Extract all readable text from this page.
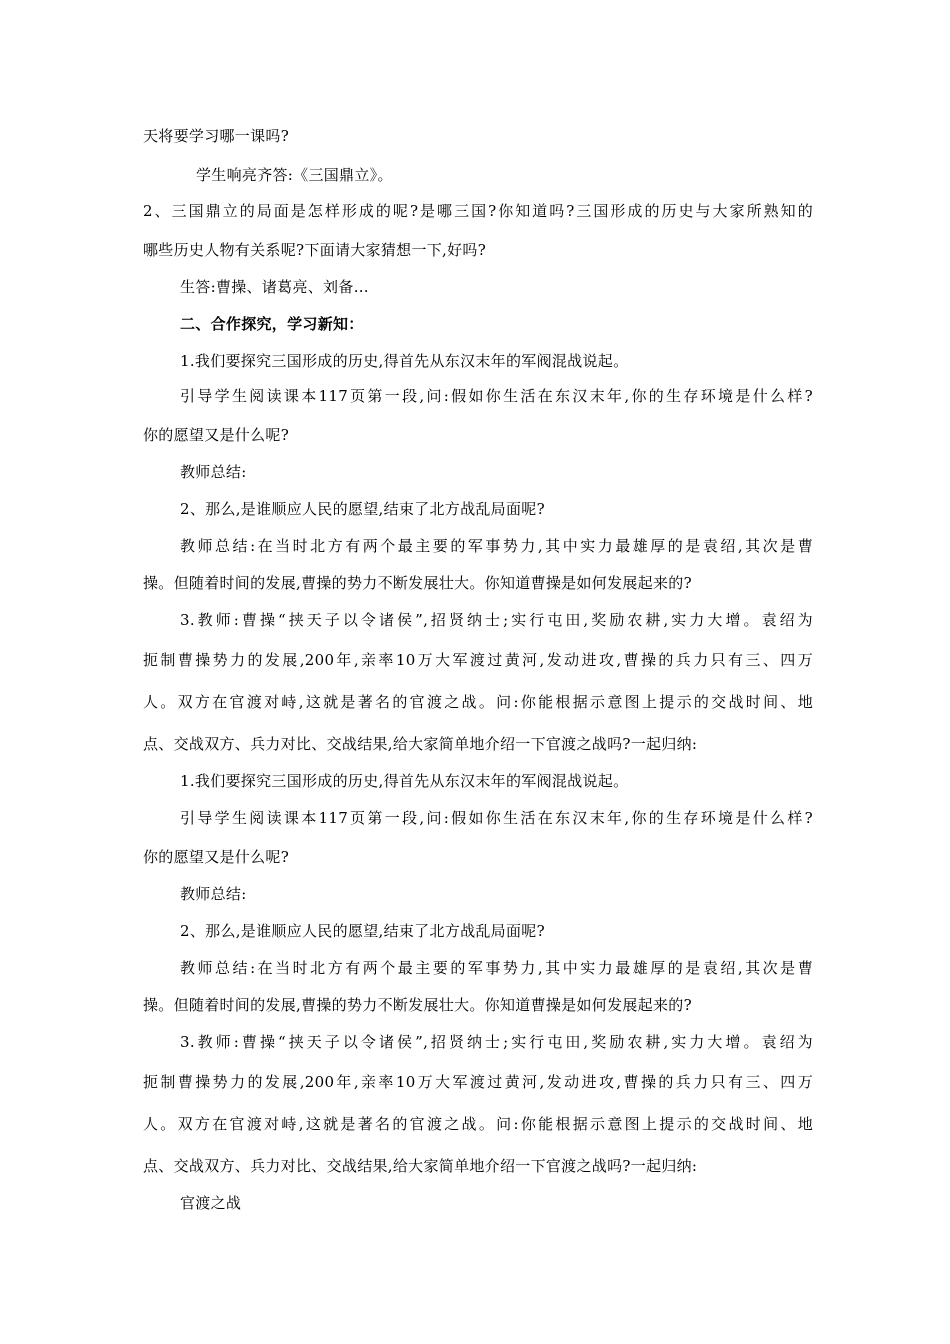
天将要学习哪一课吗?
学生响亮齐答:《三国鼎立》。
2、三国鼎立的局面是怎样形成的呢?是哪三国?你知道吗?三国形成的历史与大家所熟知的
哪些历史人物有关系呢?下面请大家猜想一下,好吗?
生答:曹操、诸葛亮、刘备…
二、合作探究，学习新知：
1.我们要探究三国形成的历史,得首先从东汉末年的军阀混战说起。
引导学生阅读课本117页第一段,问:假如你生活在东汉末年,你的生存环境是什么样?
你的愿望又是什么呢?
教师总结:
2、那么,是谁顺应人民的愿望,结束了北方战乱局面呢?
教师总结:在当时北方有两个最主要的军事势力,其中实力最雄厚的是袁绍,其次是曹
操。但随着时间的发展,曹操的势力不断发展壮大。你知道曹操是如何发展起来的?
3.教师:曹操“挟天子以令诸侯”,招贤纳士;实行屯田,奖励农耕,实力大增。袁绍为
扼制曹操势力的发展,200年,亲率10万大军渡过黄河,发动进攻,曹操的兵力只有三、四万
人。双方在官渡对峙,这就是著名的官渡之战。问:你能根据示意图上提示的交战时间、地
点、交战双方、兵力对比、交战结果,给大家简单地介绍一下官渡之战吗?一起归纳:
1.我们要探究三国形成的历史,得首先从东汉末年的军阀混战说起。
引导学生阅读课本117页第一段,问:假如你生活在东汉末年,你的生存环境是什么样?
你的愿望又是什么呢?
教师总结:
2、那么,是谁顺应人民的愿望,结束了北方战乱局面呢?
教师总结:在当时北方有两个最主要的军事势力,其中实力最雄厚的是袁绍,其次是曹
操。但随着时间的发展,曹操的势力不断发展壮大。你知道曹操是如何发展起来的?
3.教师:曹操“挟天子以令诸侯”,招贤纳士;实行屯田,奖励农耕,实力大增。袁绍为
扼制曹操势力的发展,200年,亲率10万大军渡过黄河,发动进攻,曹操的兵力只有三、四万
人。双方在官渡对峙,这就是著名的官渡之战。问:你能根据示意图上提示的交战时间、地
点、交战双方、兵力对比、交战结果,给大家简单地介绍一下官渡之战吗?一起归纳:
官渡之战
